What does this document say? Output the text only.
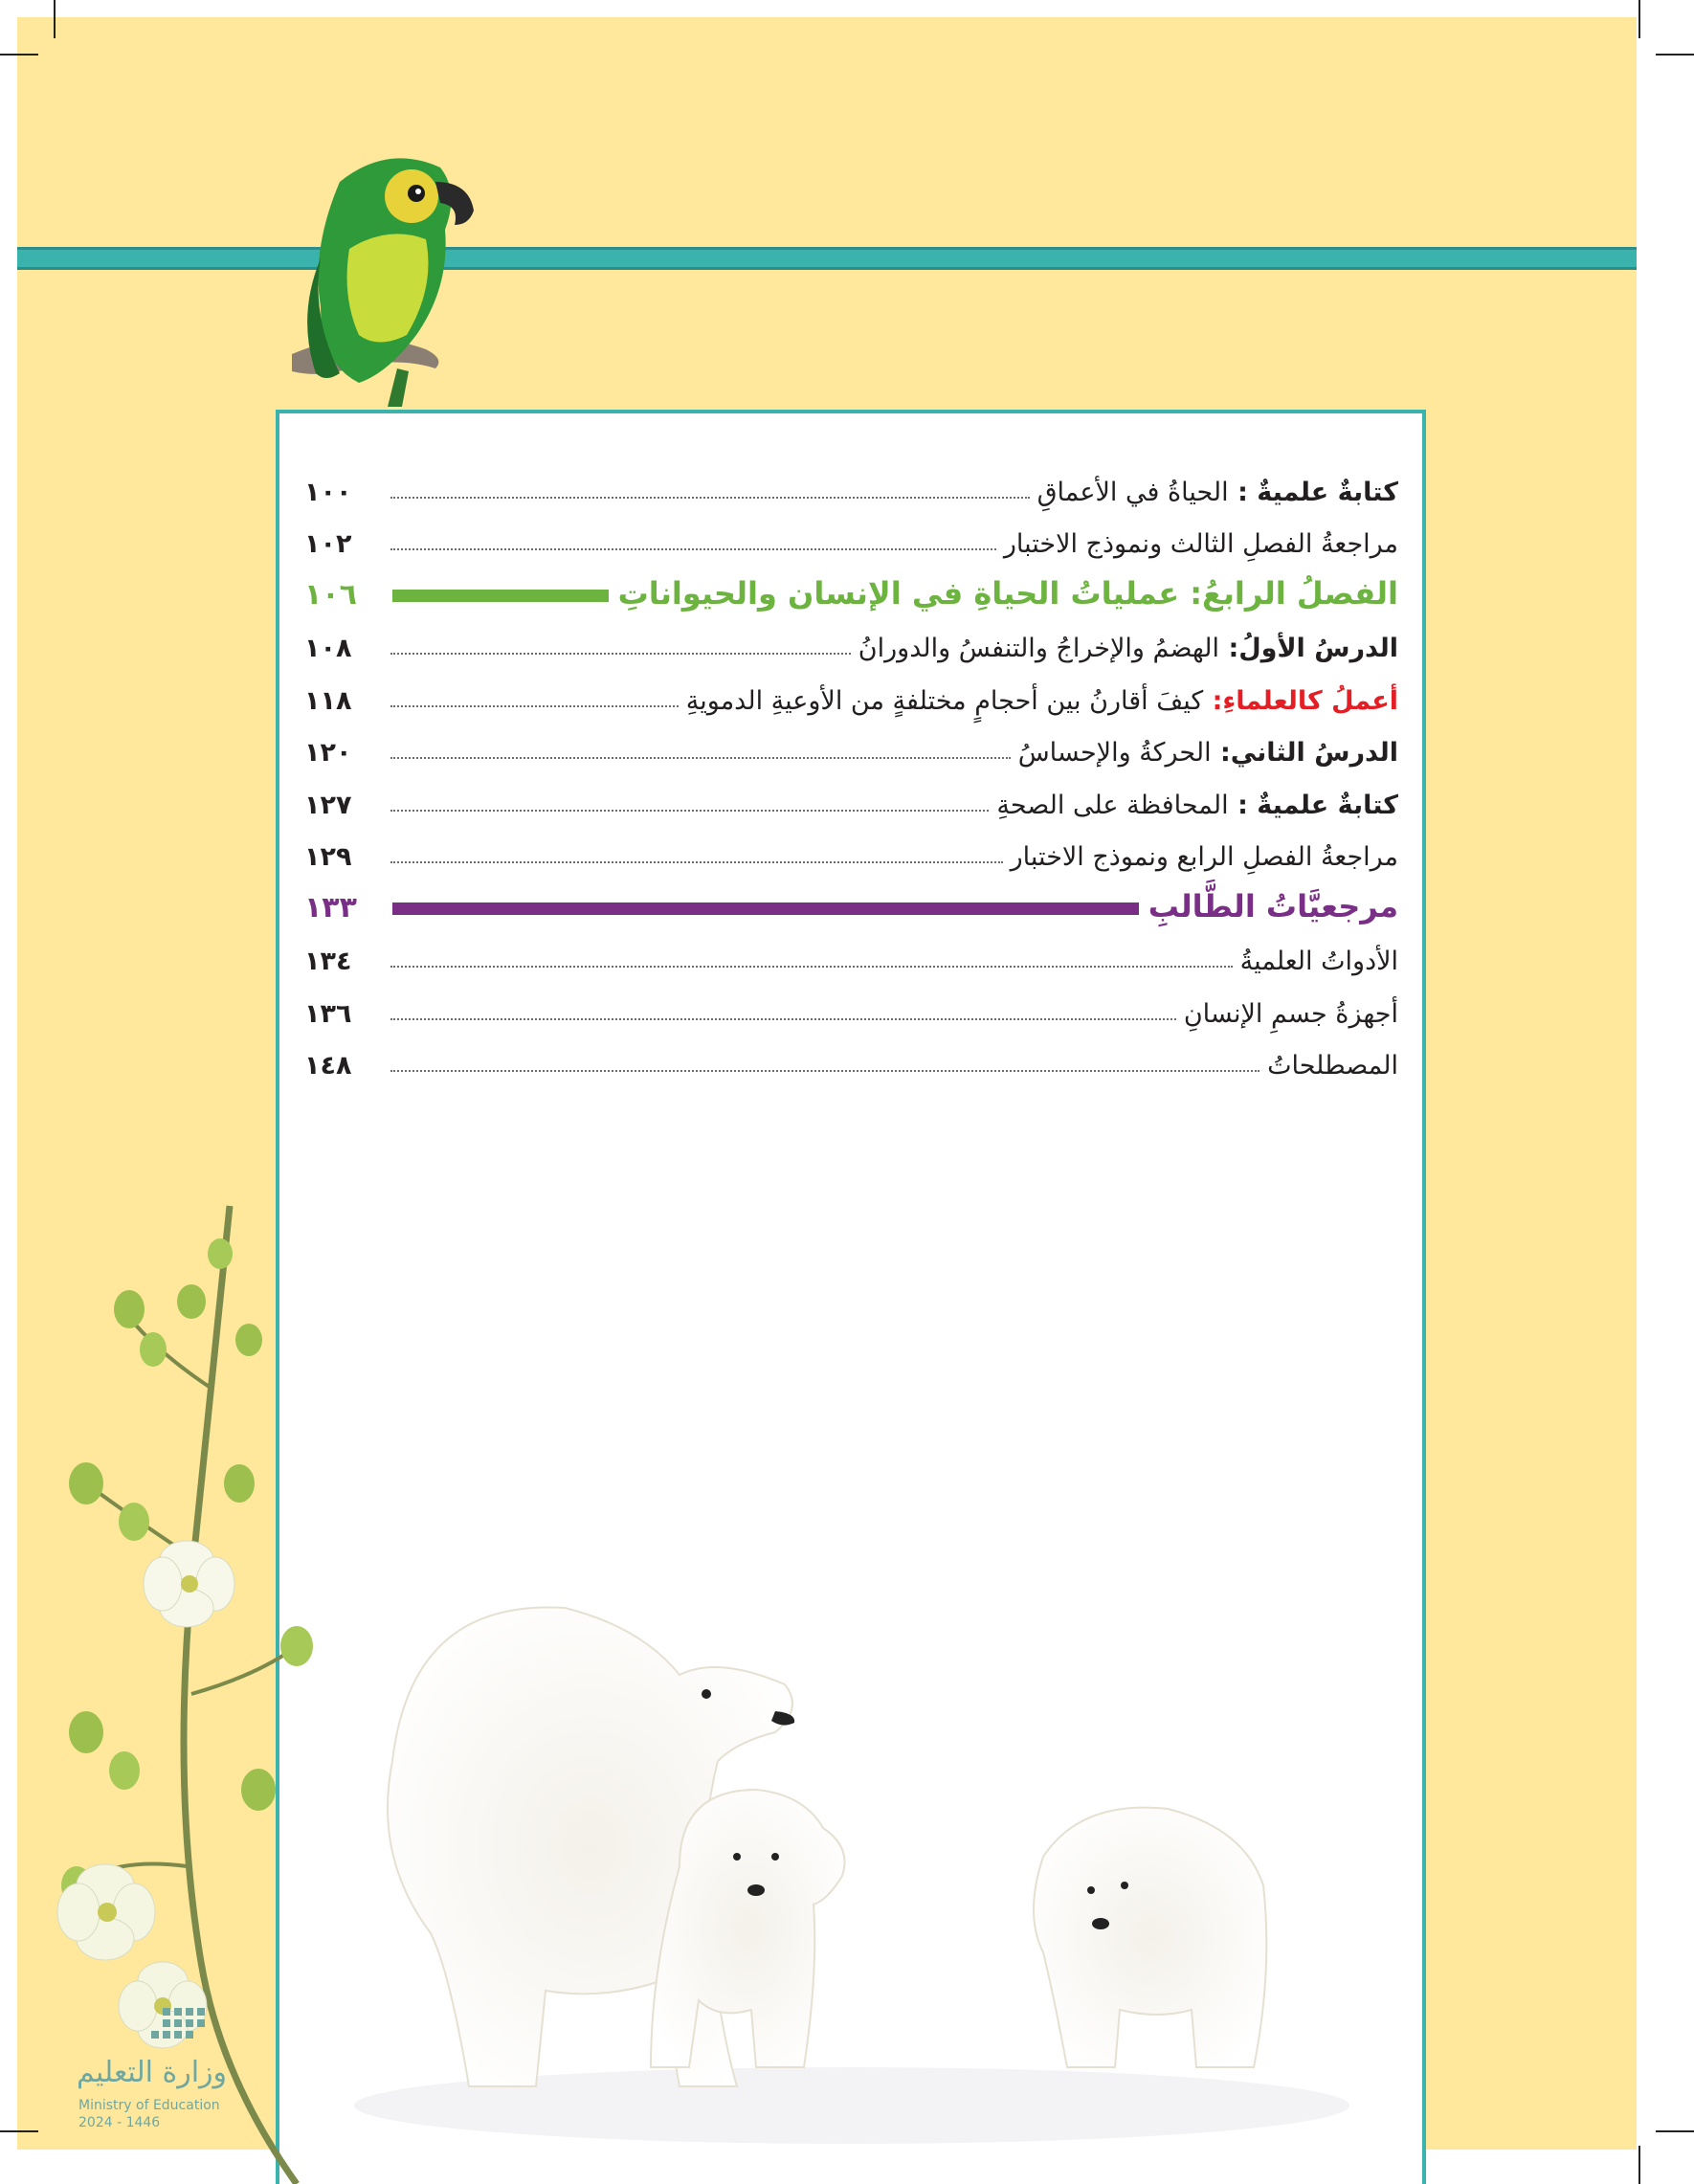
كتابةٌ علميةٌ : الحياةُ في الأعماقِ
١٠٠
مراجعةُ الفصلِ الثالث ونموذج الاختبار
١٠٢
الفصلُ الرابعُ: عملياتُ الحياةِ في الإنسان والحيواناتِ
١٠٦
الدرسُ الأولُ: الهضمُ والإخراجُ والتنفسُ والدورانُ
١٠٨
أعملُ كالعلماءِ: كيفَ أقارنُ بين أحجامٍ مختلفةٍ من الأوعيةِ الدمويةِ
١١٨
الدرسُ الثاني: الحركةُ والإحساسُ
١٢٠
كتابةٌ علميةٌ : المحافظة على الصحةِ
١٢٧
مراجعةُ الفصلِ الرابع ونموذج الاختبار
١٢٩
مرجعيَّاتُ الطَّالبِ
١٣٣
الأدواتُ العلميةُ
١٣٤
أجهزةُ جسمِ الإنسانِ
١٣٦
المصطلحاتُ
١٤٨
وزارة التعليم
Ministry of Education
2024 - 1446
